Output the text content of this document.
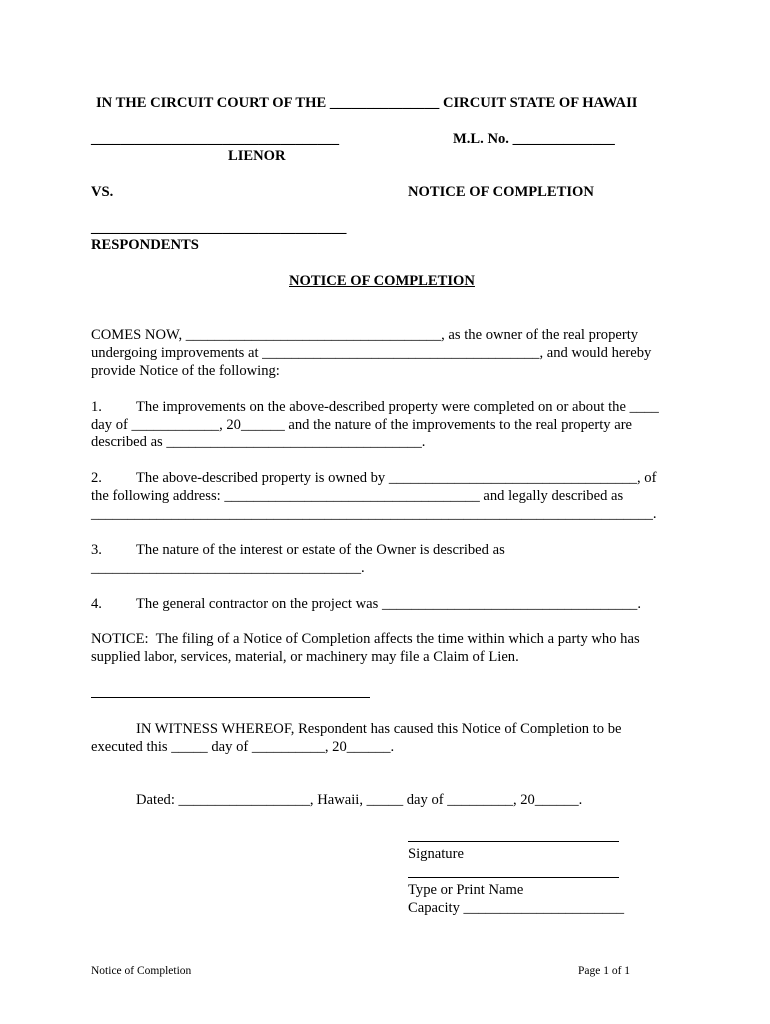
IN THE CIRCUIT COURT OF THE _______________ CIRCUIT STATE OF HAWAII
__________________________________	M.L. No. ______________
LIENOR
VS.	NOTICE OF COMPLETION
___________________________________
RESPONDENTS
NOTICE OF COMPLETION
COMES NOW, ___________________________________, as the owner of the real property
undergoing improvements at ______________________________________, and would hereby
provide Notice of the following:
1. The improvements on the above-described property were completed on or about the ____
day of ____________, 20______ and the nature of the improvements to the real property are
described as ___________________________________.
2. The above-described property is owned by __________________________________, of
the following address: ___________________________________ and legally described as
_____________________________________________________________________________.
3. The nature of the interest or estate of the Owner is described as
_____________________________________.
4. The general contractor on the project was ___________________________________.
NOTICE:  The filing of a Notice of Completion affects the time within which a party who has
supplied labor, services, material, or machinery may file a Claim of Lien.
IN WITNESS WHEREOF, Respondent has caused this Notice of Completion to be
executed this _____ day of __________, 20______.
Dated: __________________, Hawaii, _____ day of _________, 20______.
Signature
Type or Print Name
Capacity ______________________
Notice of Completion	Page 1 of 1
